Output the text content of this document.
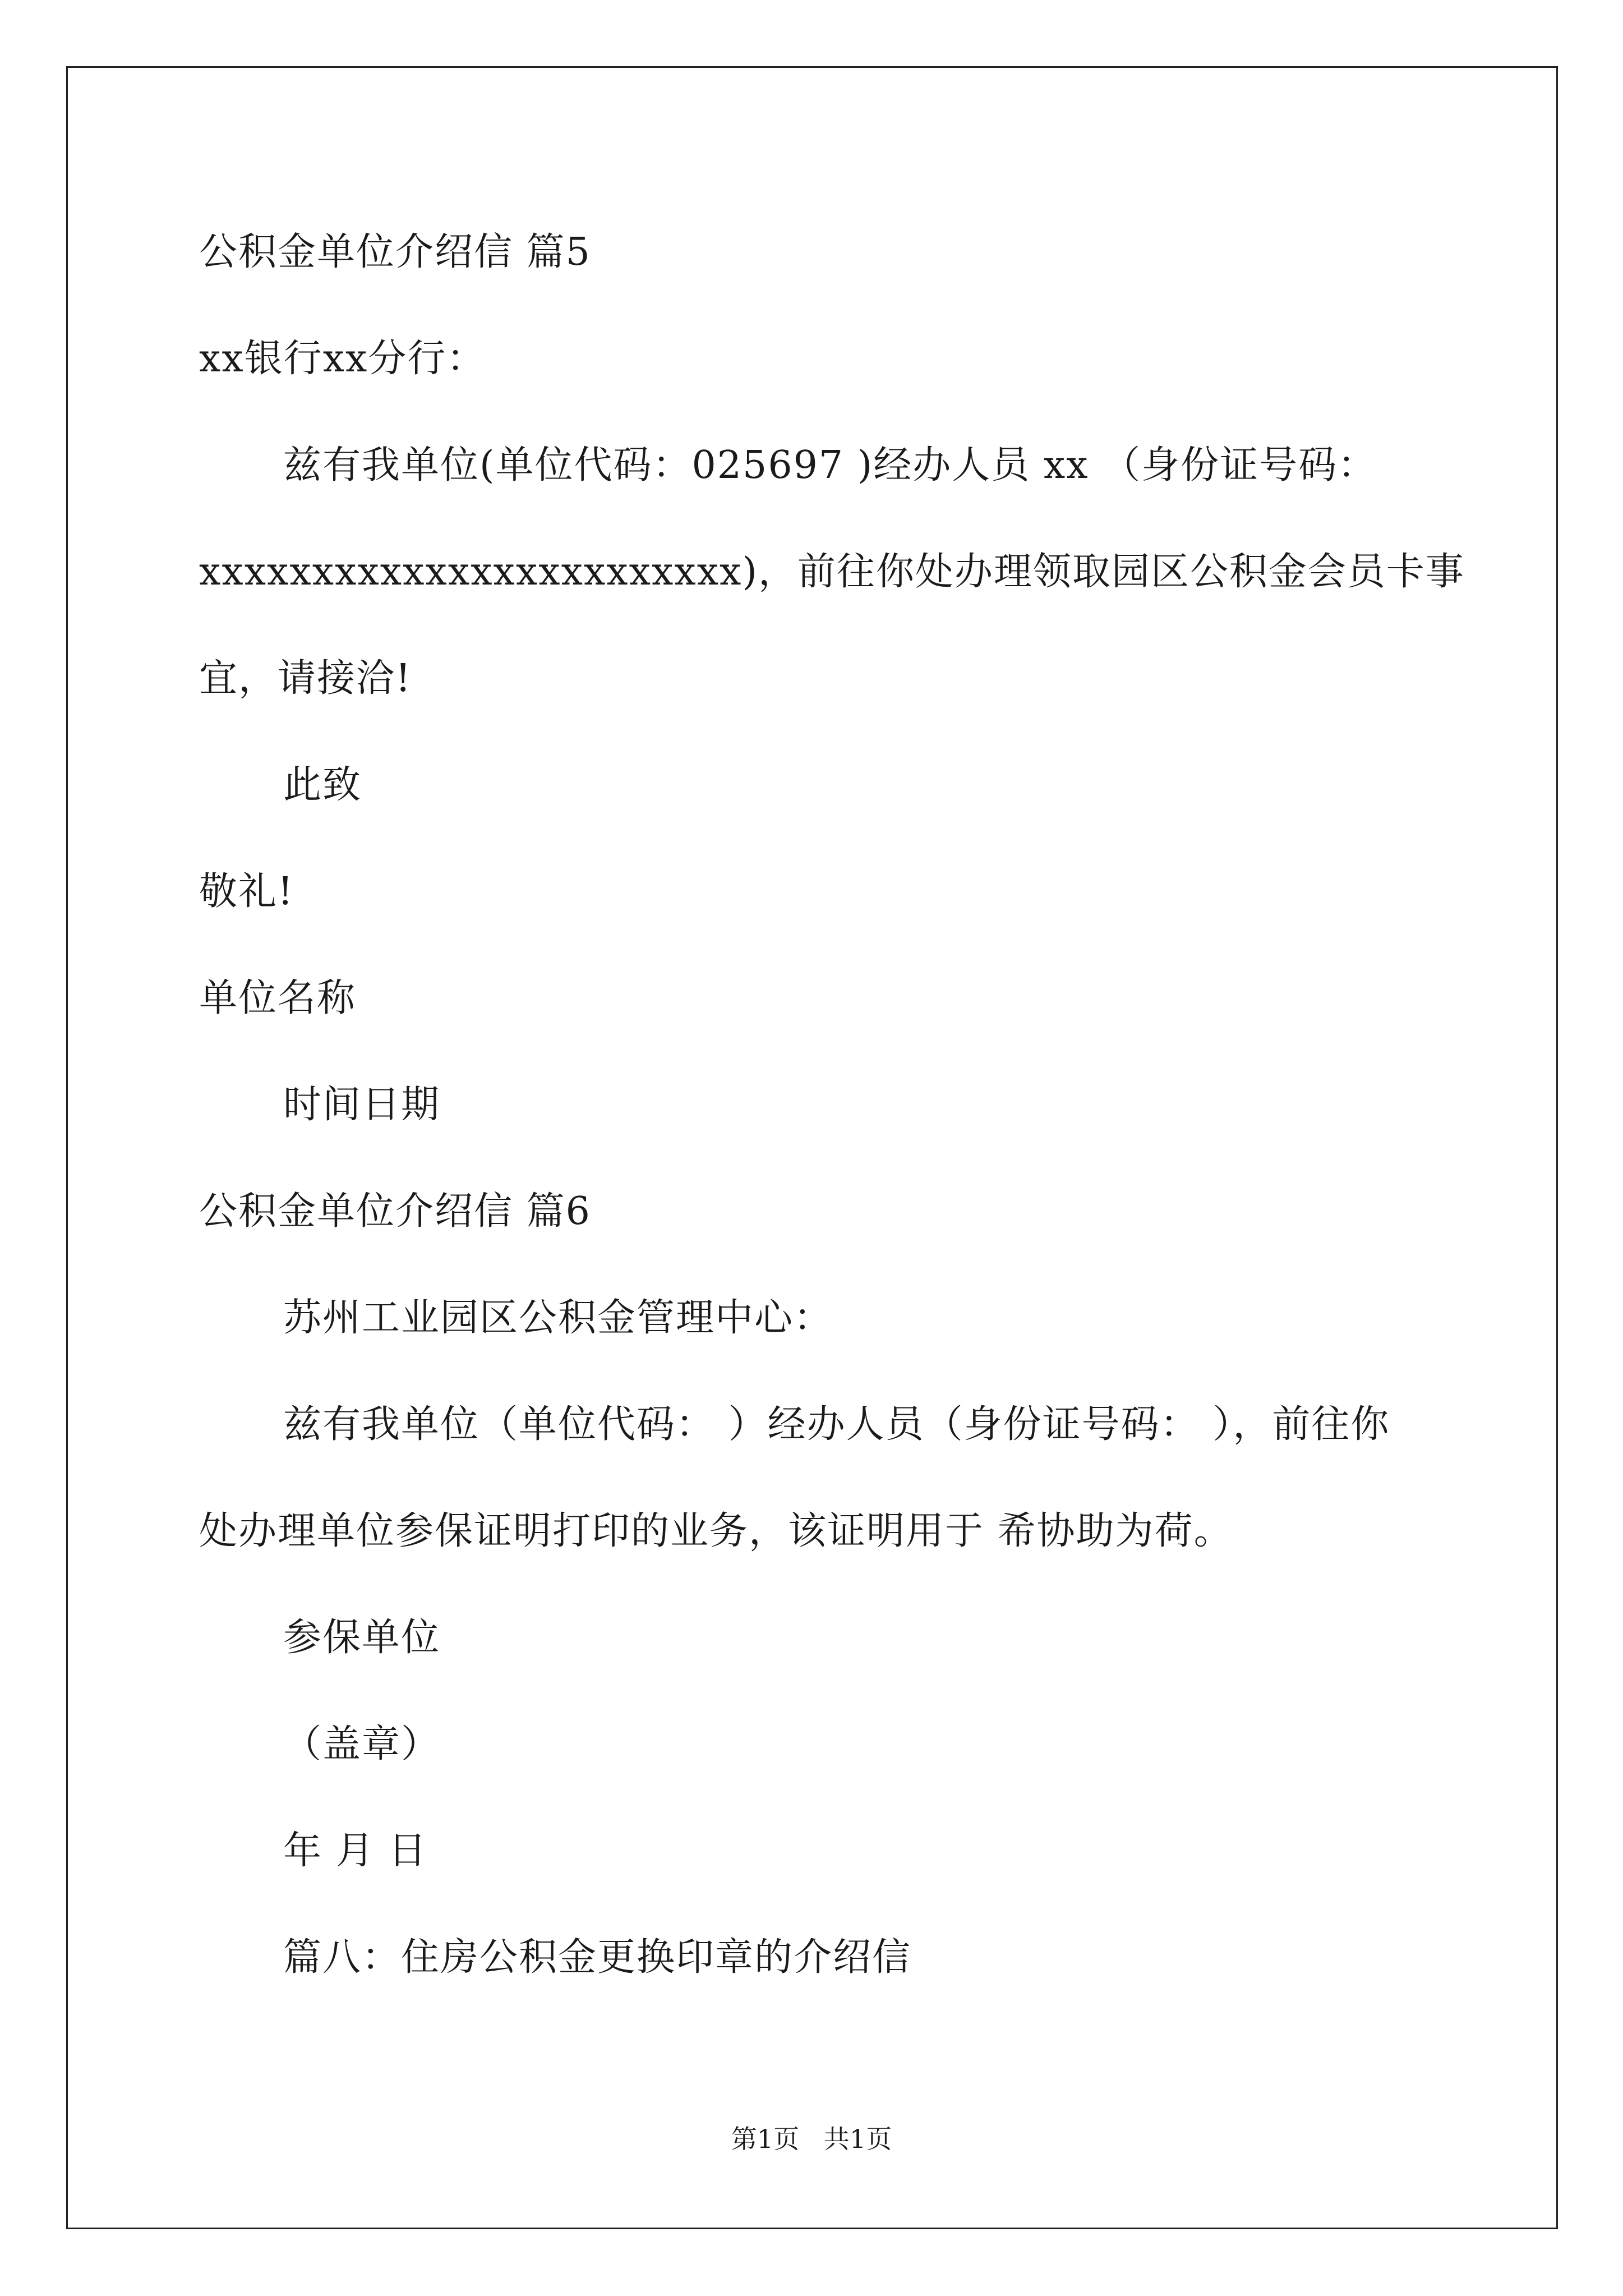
公积金单位介绍信 篇5
xx银行xx分行：
兹有我单位(单位代码：025697 )经办人员 xx （身份证号码：
xxxxxxxxxxxxxxxxxxxxxxxx)，前往你处办理领取园区公积金会员卡事
宜，请接洽!
此致
敬礼!
单位名称
时间日期
公积金单位介绍信 篇6
苏州工业园区公积金管理中心：
兹有我单位（单位代码： ）经办人员（身份证号码： ），前往你
处办理单位参保证明打印的业务，该证明用于 希协助为荷。
参保单位
（盖章）
年 月 日
篇八：住房公积金更换印章的介绍信
第1页   共1页
